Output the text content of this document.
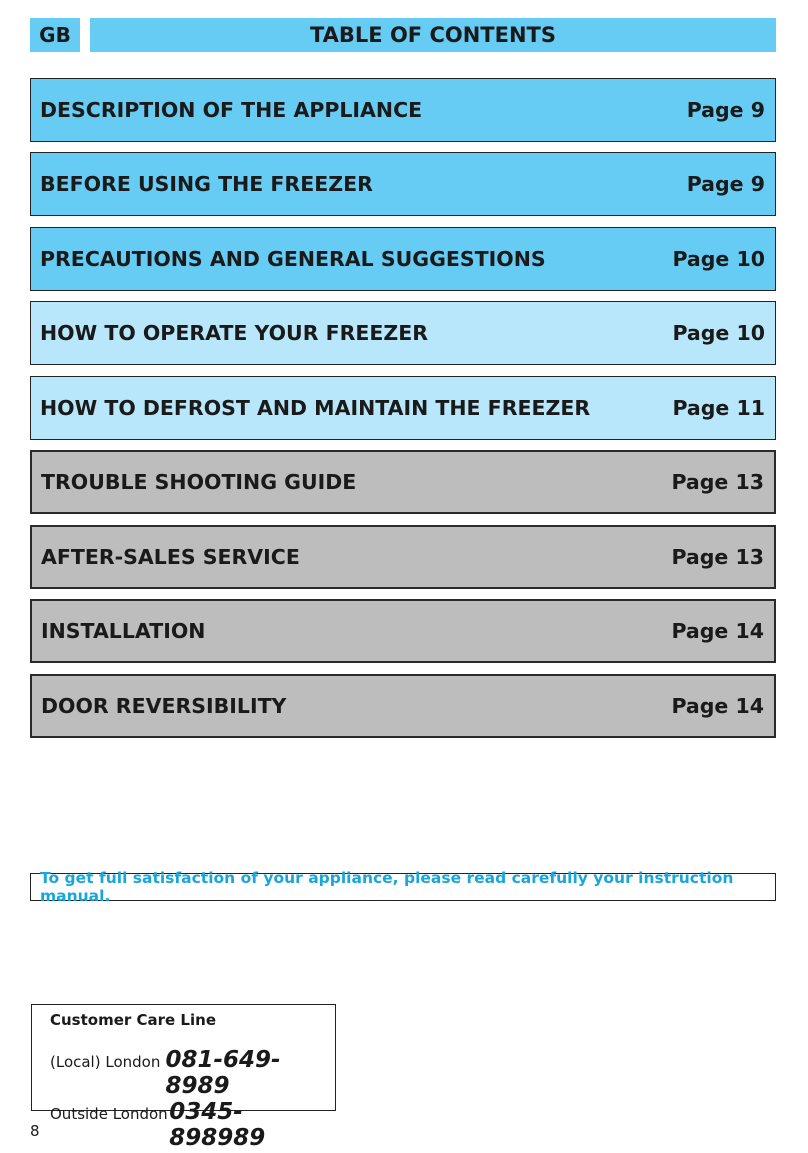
GB	TABLE OF CONTENTS
DESCRIPTION OF THE APPLIANCE	Page 9
BEFORE USING THE FREEZER	Page 9
PRECAUTIONS AND GENERAL SUGGESTIONS	Page 10
HOW TO OPERATE YOUR FREEZER	Page 10
HOW TO DEFROST AND MAINTAIN THE FREEZER	Page 11
TROUBLE SHOOTING GUIDE	Page 13
AFTER-SALES SERVICE	Page 13
INSTALLATION	Page 14
DOOR REVERSIBILITY	Page 14
To get full satisfaction of your appliance, please read carefully your instruction manual.
Customer Care Line
(Local) London 081-649-8989
Outside London 0345-898989
8
